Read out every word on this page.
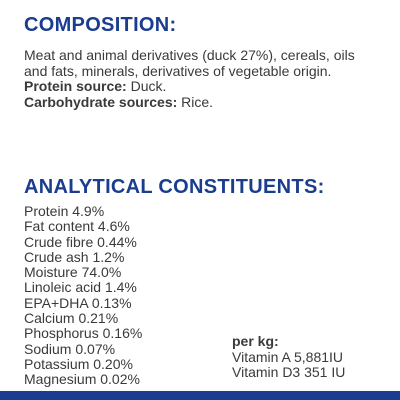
COMPOSITION:

Meat and animal derivatives (duck 27%), cereals, oils and fats, minerals, derivatives of vegetable origin.

Protein source: Duck.

Carbohydrate sources: Rice.

ANALYTICAL CONSTITUENTS:
Protein 4.9%
Fat content 4.6%
Crude fibre 0.44%
Crude ash 1.2%
Moisture 74.0%
Linoleic acid 1.4%
EPA+DHA 0.13%
Calcium 0.21%
Phosphorus 0.16%
Sodium 0.07%
Potassium 0.20%
Magnesium 0.02%
per kg:
Vitamin A 5,881IU
Vitamin D3 351 IU
